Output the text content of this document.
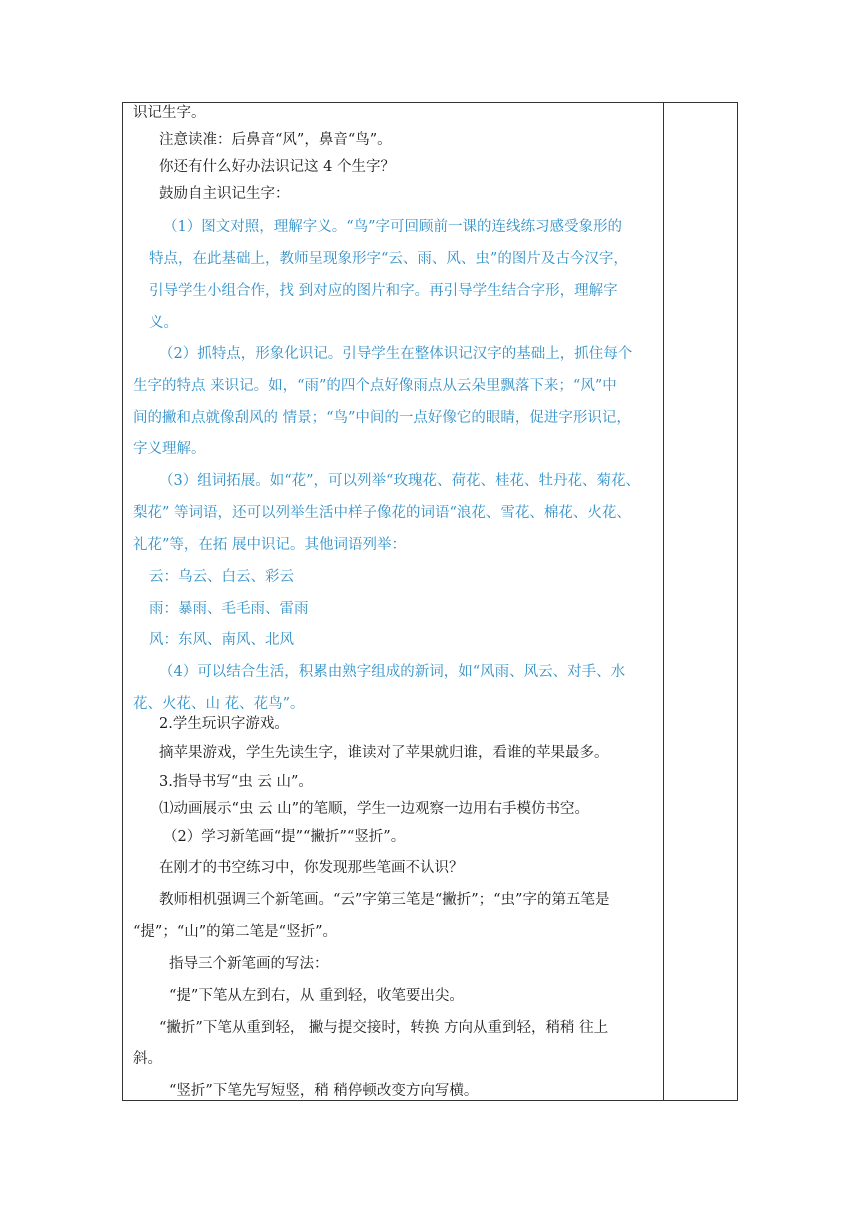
识记生字。
注意读准：后鼻音“风”，鼻音“鸟”。
你还有什么好办法识记这 4 个生字？
鼓励自主识记生字：
（1）图文对照，理解字义。“鸟”字可回顾前一课的连线练习感受象形的
特点，在此基础上，教师呈现象形字“云、雨、风、虫”的图片及古今汉字，
引导学生小组合作，找 到对应的图片和字。再引导学生结合字形，理解字
义。
（2）抓特点，形象化识记。引导学生在整体识记汉字的基础上，抓住每个
生字的特点 来识记。如，“雨”的四个点好像雨点从云朵里飘落下来；“风”中
间的撇和点就像刮风的 情景；“鸟”中间的一点好像它的眼睛，促进字形识记，
字义理解。
（3）组词拓展。如“花”，可以列举“玫瑰花、荷花、桂花、牡丹花、菊花、
梨花” 等词语，还可以列举生活中样子像花的词语“浪花、雪花、棉花、火花、
礼花”等，在拓 展中识记。其他词语列举：
云：乌云、白云、彩云
雨：暴雨、毛毛雨、雷雨
风：东风、南风、北风
（4）可以结合生活，积累由熟字组成的新词，如“风雨、风云、对手、水
花、火花、山 花、花鸟”。
2.学生玩识字游戏。
摘苹果游戏，学生先读生字，谁读对了苹果就归谁，看谁的苹果最多。
3.指导书写“虫 云 山”。
⑴动画展示“虫 云 山”的笔顺，学生一边观察一边用右手模仿书空。
（2）学习新笔画“提”“撇折”“竖折”。
在刚才的书空练习中，你发现那些笔画不认识？
教师相机强调三个新笔画。“云”字第三笔是“撇折”；“虫”字的第五笔是
“提”；“山”的第二笔是“竖折”。
指导三个新笔画的写法：
“提”下笔从左到右，从 重到轻，收笔要出尖。
“撇折”下笔从重到轻， 撇与提交接时，转换 方向从重到轻，稍稍 往上
斜。
“竖折”下笔先写短竖，稍 稍停顿改变方向写横。
